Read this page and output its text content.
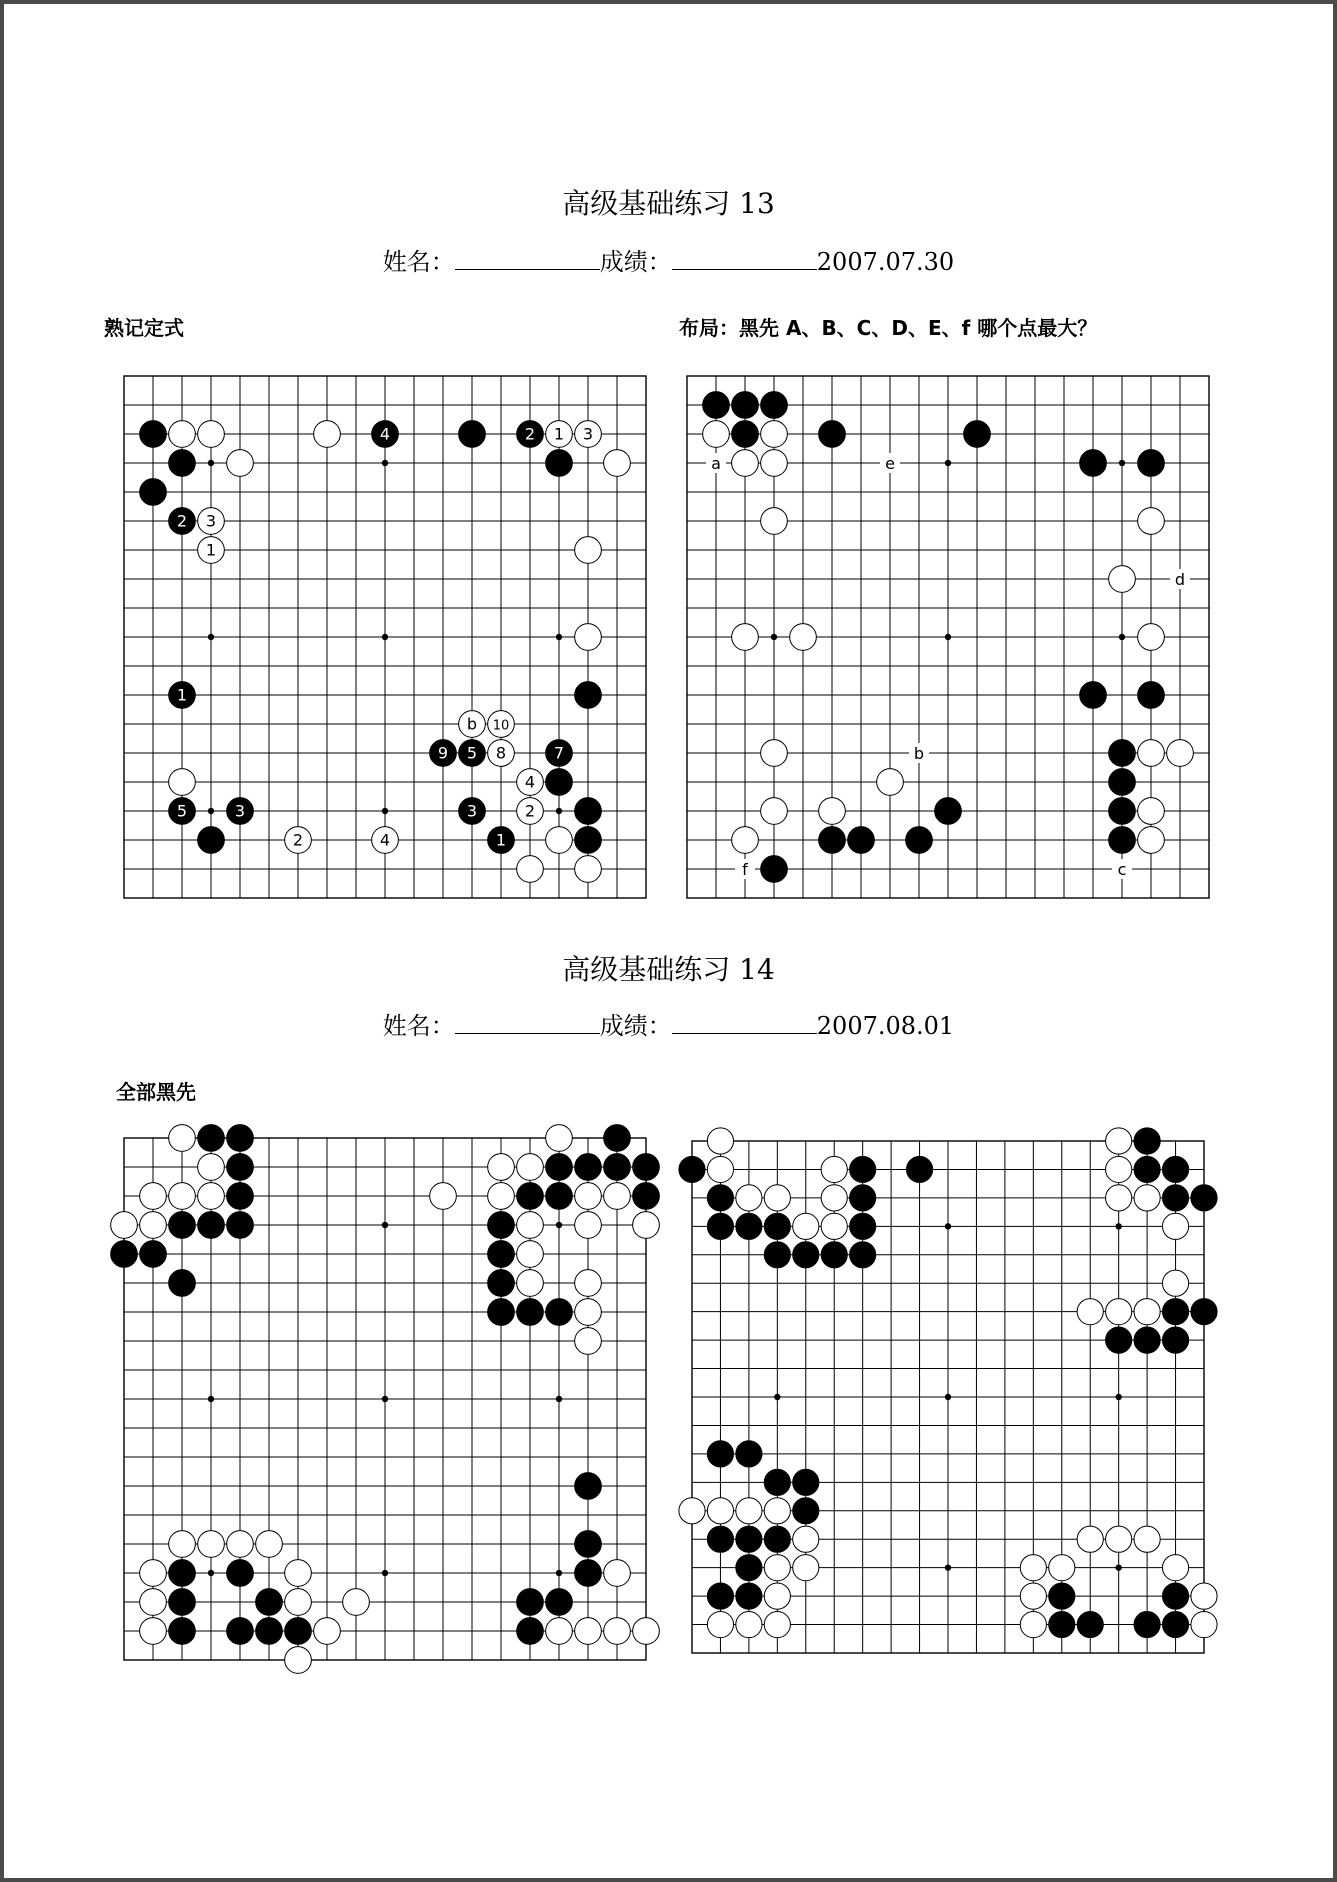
高级基础练习 13
姓名：	成绩：	2007.07.30
熟记定式	布局：黑先 A、B、C、D、E、f 哪个点最大？
4	2 1 3
2 3
1
1
b 10
9 5 8	7
4
5	3	3	2
2	4	1
a	e
d
b
f	c
高级基础练习 14
姓名：	成绩：	2007.08.01
全部黑先
